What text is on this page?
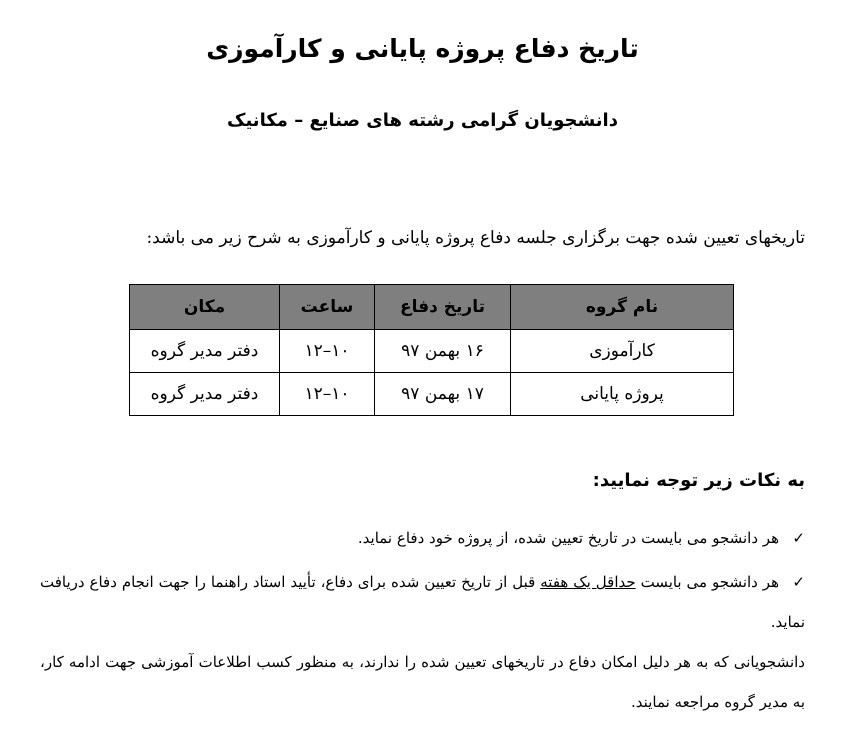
تاریخ دفاع پروژه پایانی و کارآموزی
دانشجویان گرامی رشته های صنایع – مکانیک

تاریخهای تعیین شده جهت برگزاری جلسه دفاع پروژه پایانی و کارآموزی به شرح زیر می باشد:

نام گروه	تاریخ دفاع	ساعت	مکان
کارآموزی	۱۶ بهمن ۹۷	۱۰–۱۲	دفتر مدیر گروه
پروژه پایانی	۱۷ بهمن ۹۷	۱۰–۱۲	دفتر مدیر گروه
به نکات زیر توجه نمایید:

✓هر دانشجو می بایست در تاریخ تعیین شده، از پروژه خود دفاع نماید.

✓هر دانشجو می بایست حداقل یک هفته قبل از تاریخ تعیین شده برای دفاع، تأیید استاد راهنما را جهت انجام دفاع دریافت نماید.

دانشجویانی که به هر دلیل امکان دفاع در تاریخهای تعیین شده را ندارند، به منظور کسب اطلاعات آموزشی جهت ادامه کار، به مدیر گروه مراجعه نمایند.
